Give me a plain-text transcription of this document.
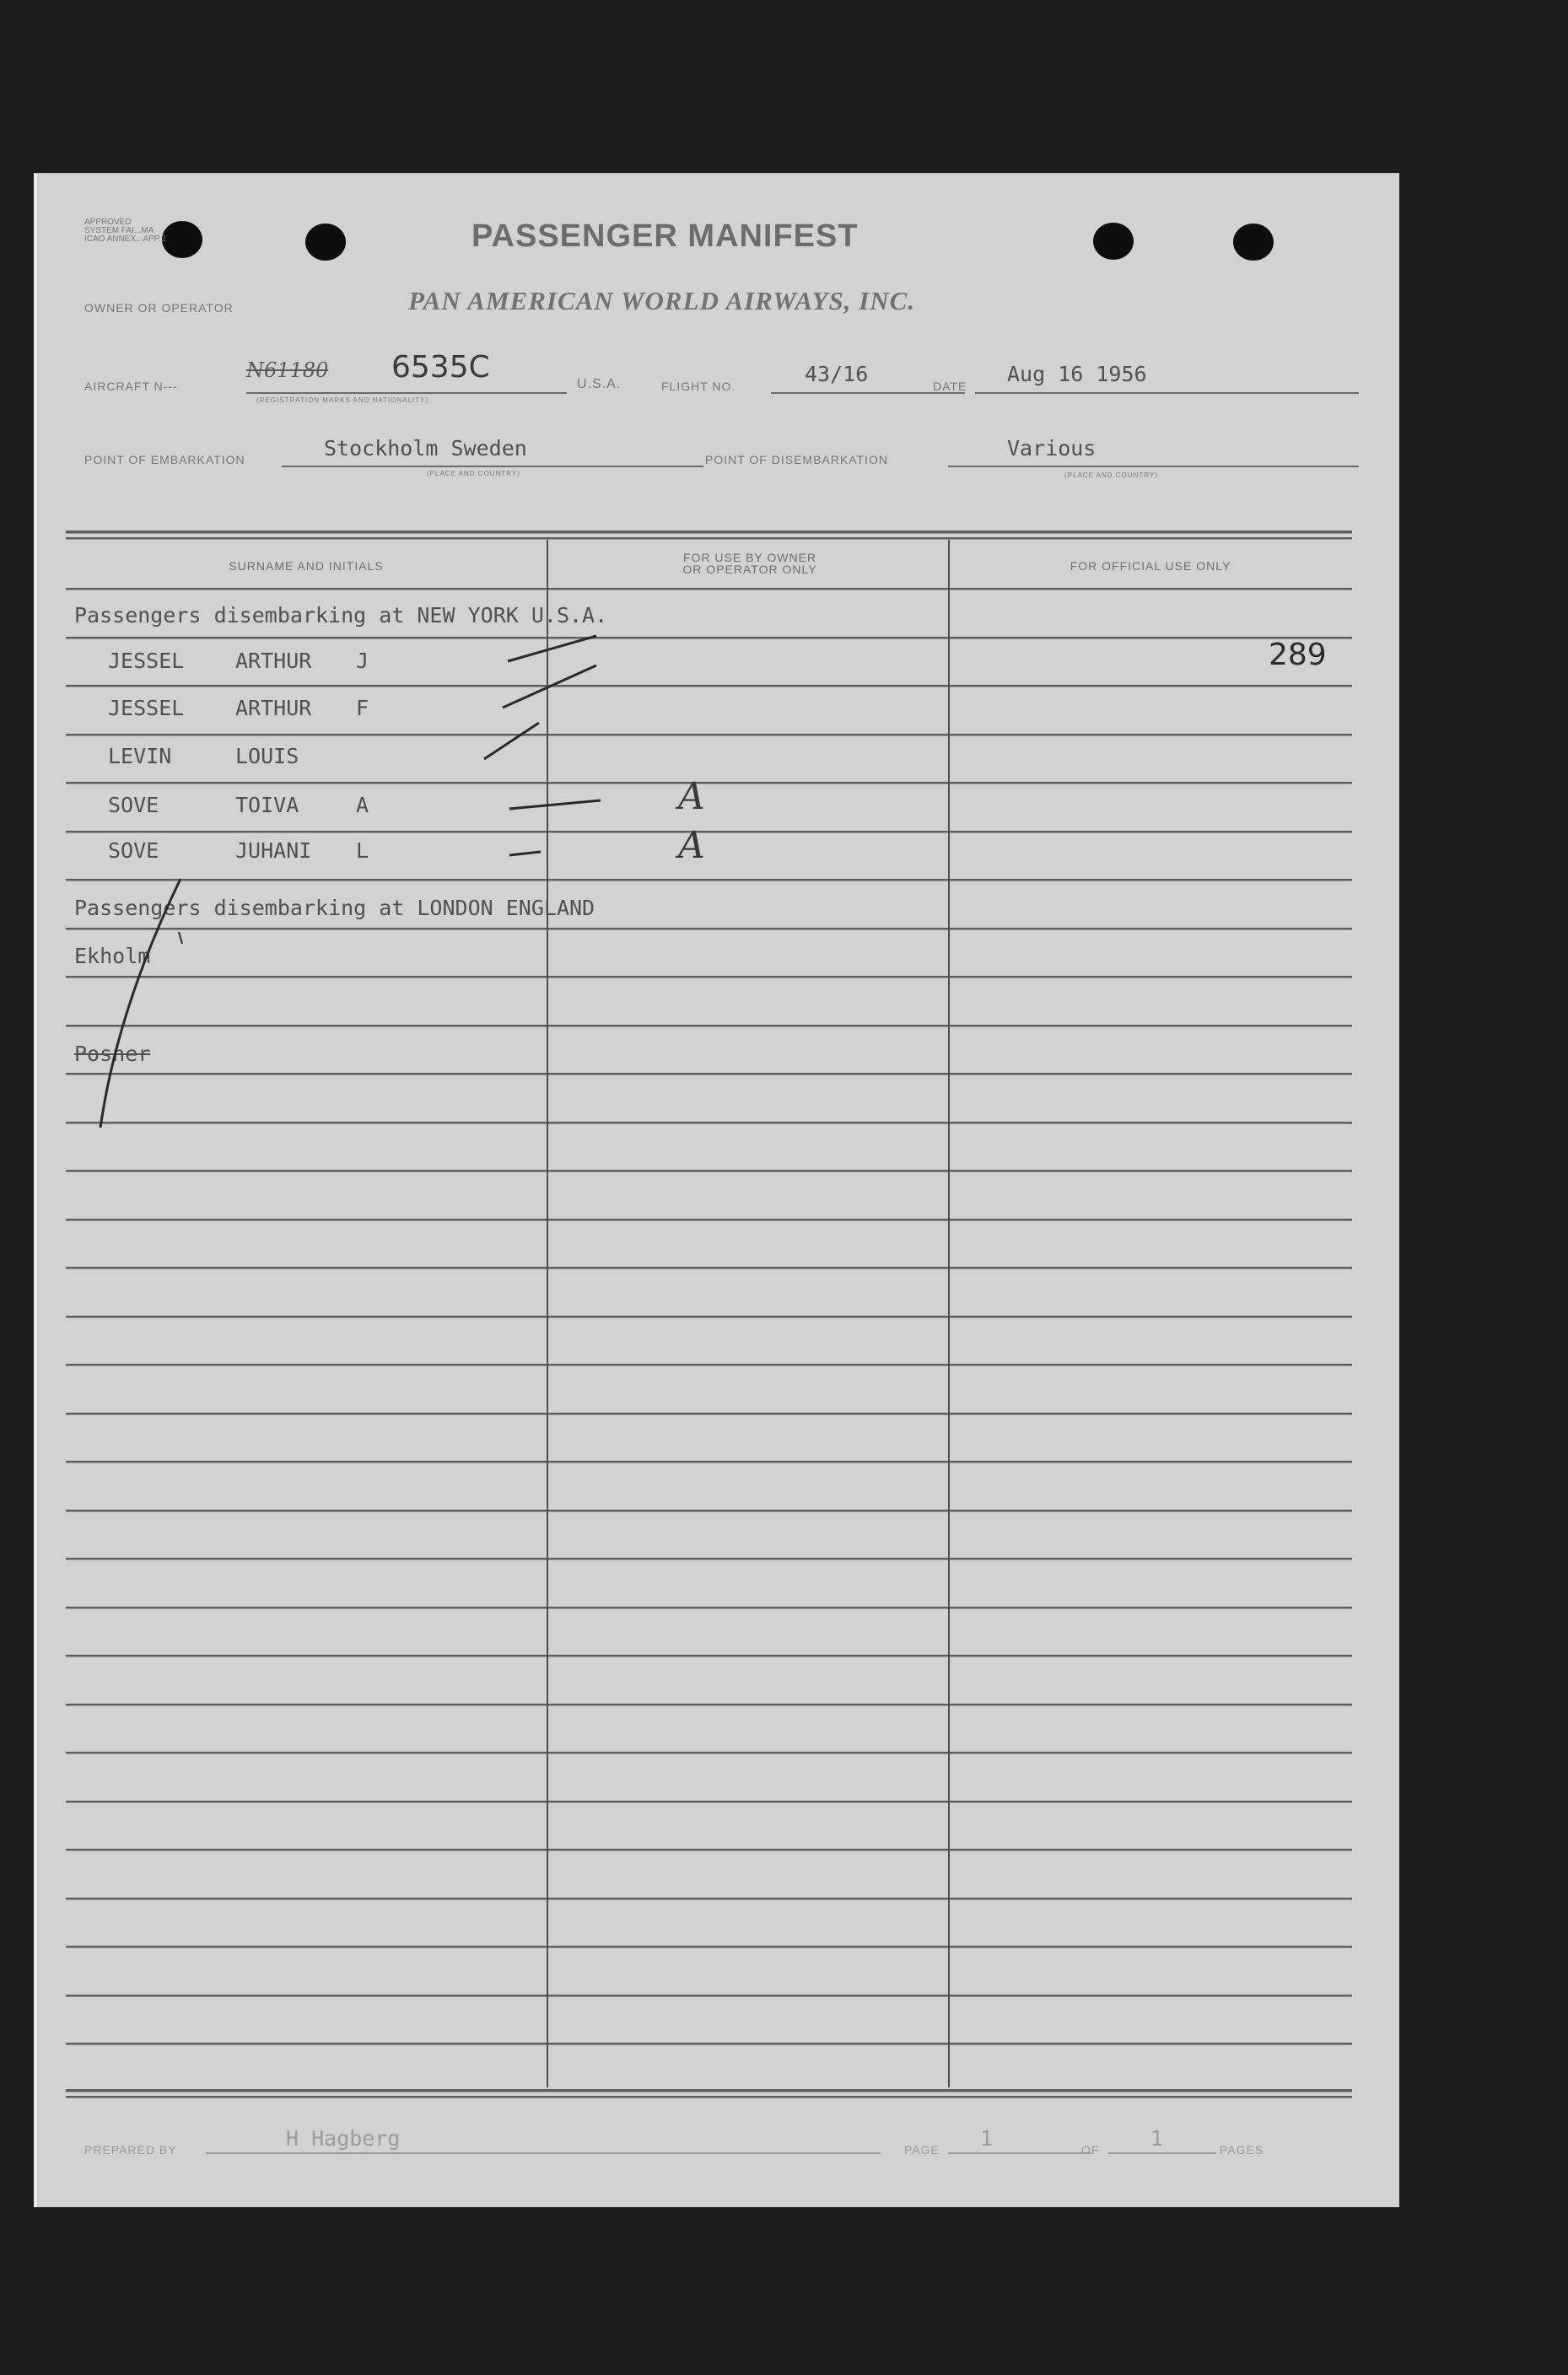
APPROVED
SYSTEM FAI...MA
ICAO ANNEX...APP.2	PASSENGER MANIFEST
OWNER OR OPERATOR	PAN AMERICAN WORLD AIRWAYS, INC.
AIRCRAFT N---
N61180 6535C
(REGISTRATION MARKS AND NATIONALITY)
U.S.A.	FLIGHT NO.	43/16	DATE Aug 16 1956
POINT OF EMBARKATION	Stockholm Sweden
(PLACE AND COUNTRY)
POINT OF DISEMBARKATION	Various
(PLACE AND COUNTRY)
SURNAME AND INITIALS
FOR USE BY OWNER
OR OPERATOR ONLY	FOR OFFICIAL USE ONLY
289
Passengers disembarking at NEW YORK U.S.A.
JESSEL ARTHUR J
JESSEL ARTHUR F
LEVIN	LOUIS
SOVE	TOIVA	A	A
SOVE	JUHANI L	A
Passengers disembarking at LONDON ENGLAND
Ekholm
Posner
PREPARED BY	H Hagberg	PAGE 1	OF 1	PAGES
